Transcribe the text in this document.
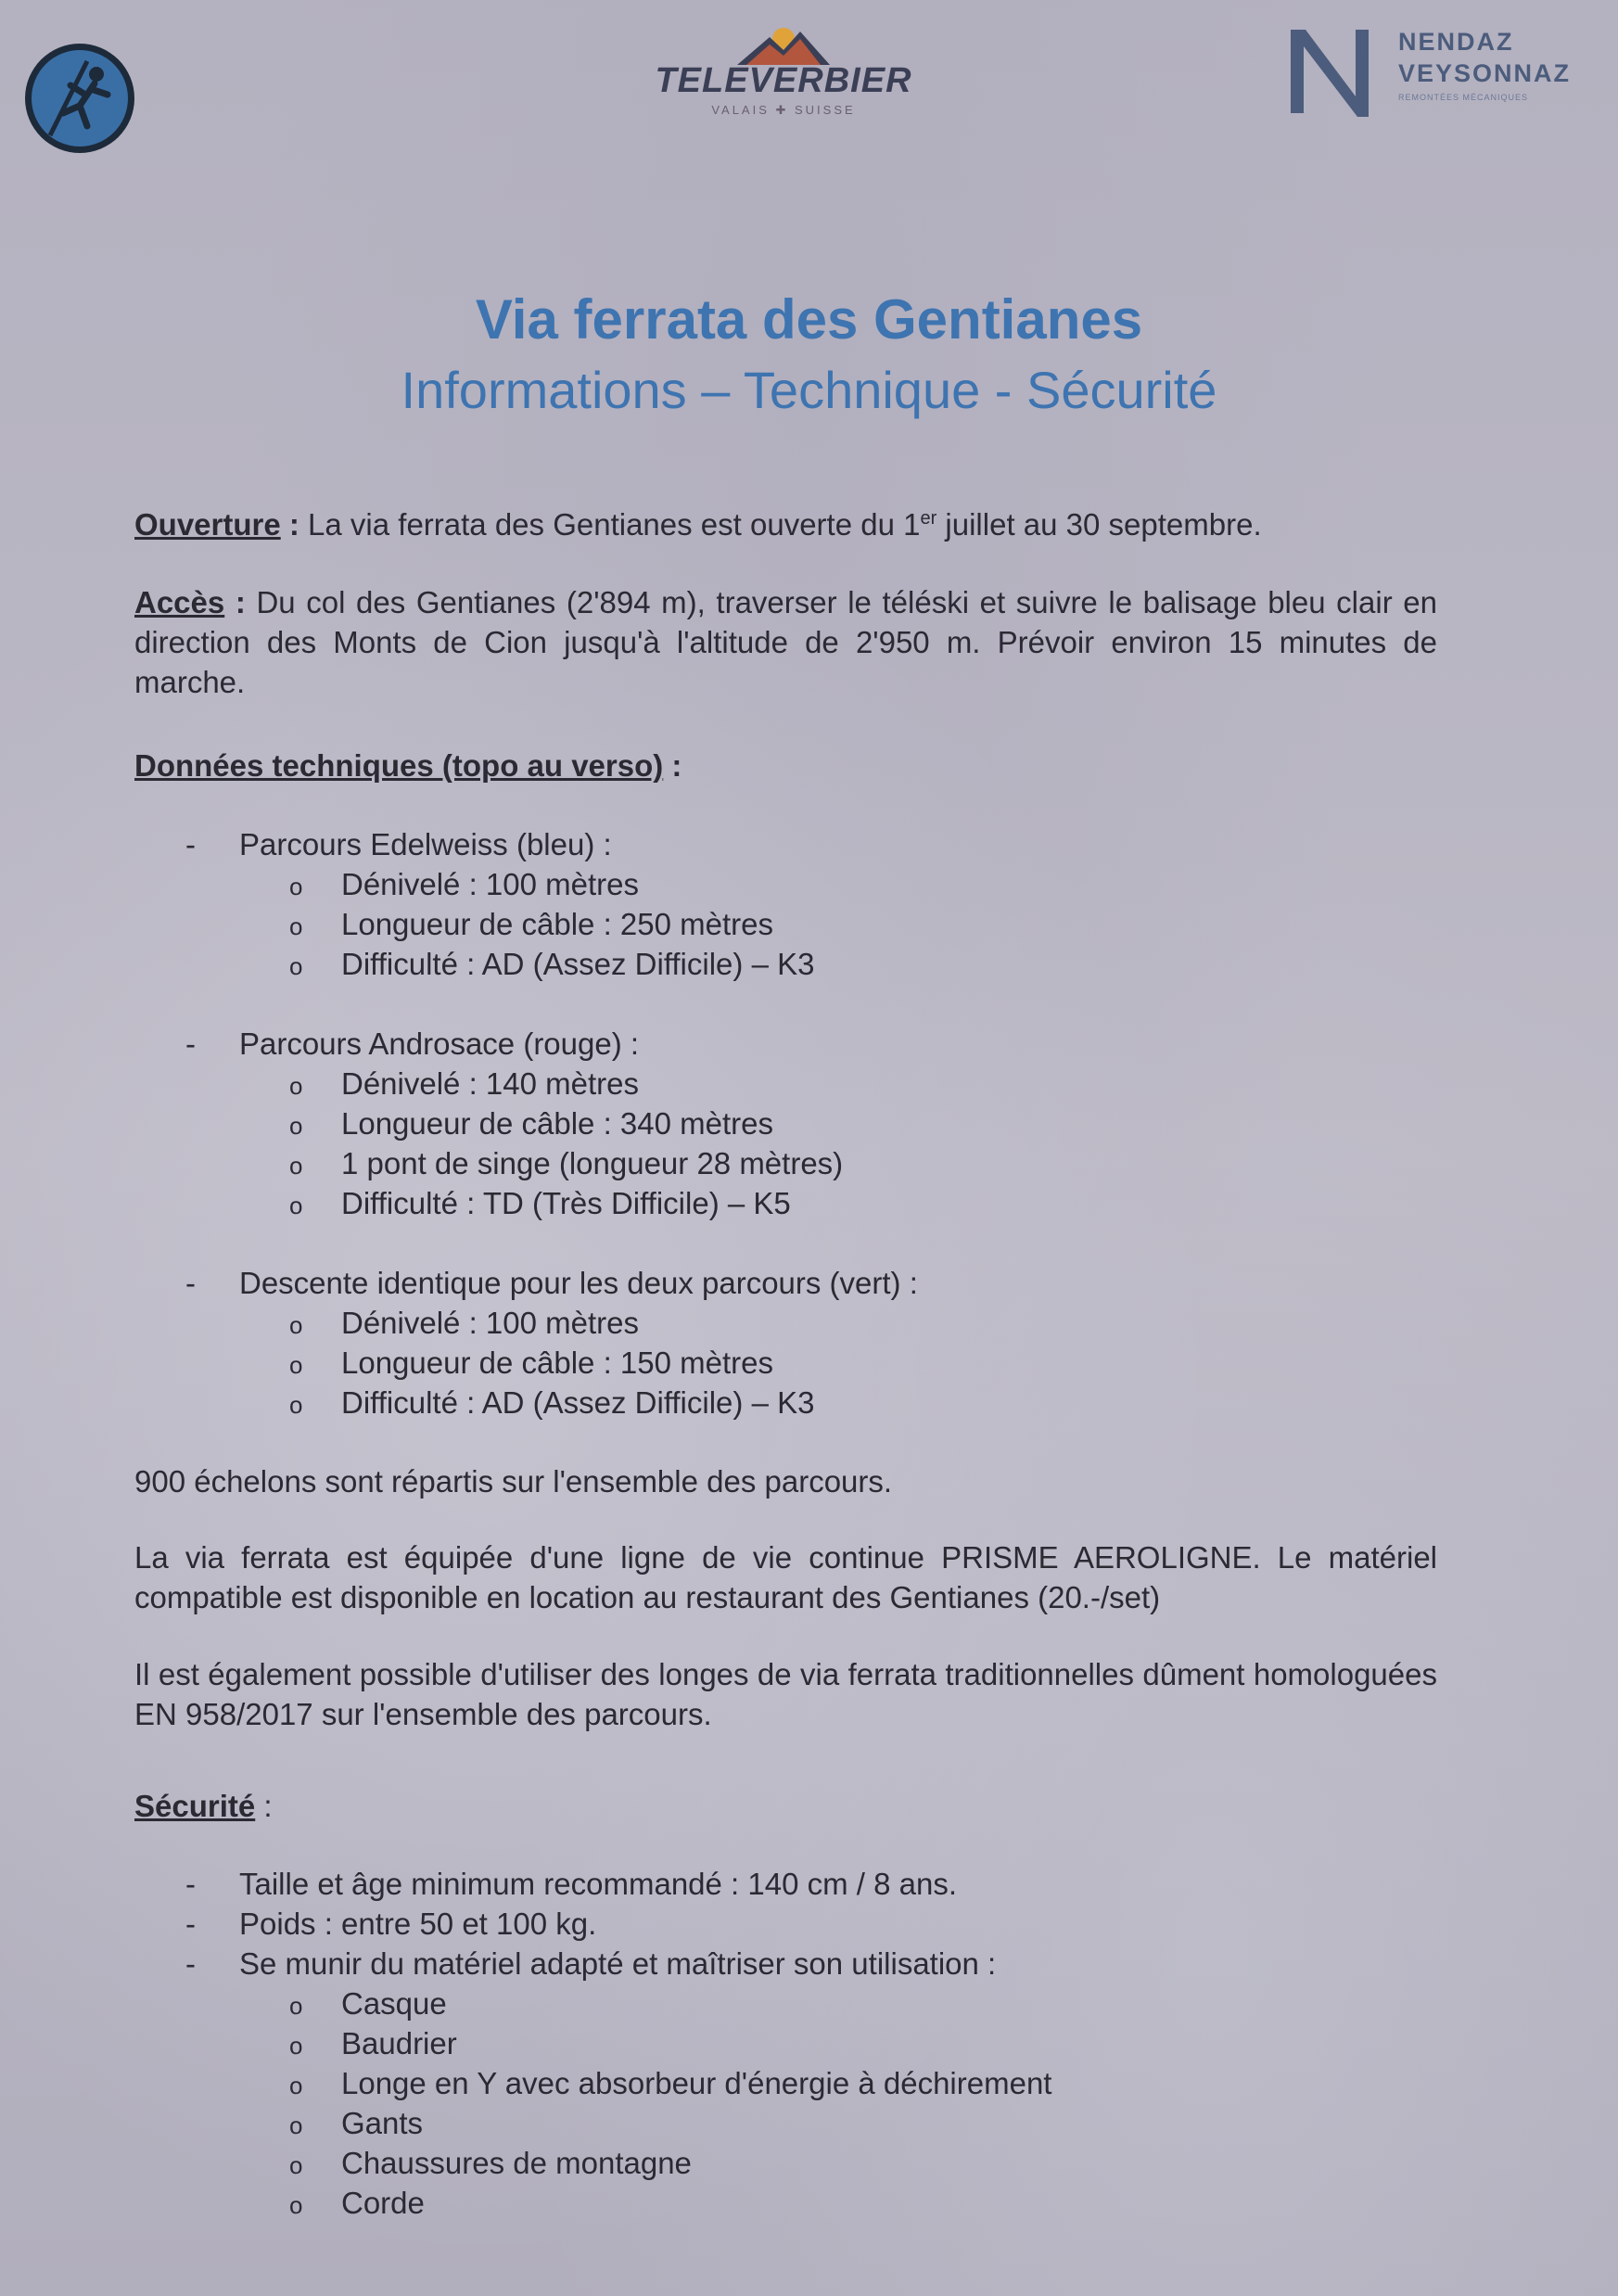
TELEVERBIER
VALAIS ✚ SUISSE
NENDAZ
VEYSONNAZ
REMONTÉES MÉCANIQUES
Via ferrata des Gentianes
Informations – Technique - Sécurité
Ouverture : La via ferrata des Gentianes est ouverte du 1er juillet au 30 septembre.
Accès : Du col des Gentianes (2'894 m), traverser le téléski et suivre le balisage bleu clair en direction des Monts de Cion jusqu'à l'altitude de 2'950 m. Prévoir environ 15 minutes de marche.
Données techniques (topo au verso) :
- Parcours Edelweiss (bleu) :
o Dénivelé : 100 mètres
o Longueur de câble : 250 mètres
o Difficulté : AD (Assez Difficile) – K3
- Parcours Androsace (rouge) :
o Dénivelé : 140 mètres
o Longueur de câble : 340 mètres
o 1 pont de singe (longueur 28 mètres)
o Difficulté : TD (Très Difficile) – K5
- Descente identique pour les deux parcours (vert) :
o Dénivelé : 100 mètres
o Longueur de câble : 150 mètres
o Difficulté : AD (Assez Difficile) – K3
900 échelons sont répartis sur l'ensemble des parcours.
La via ferrata est équipée d'une ligne de vie continue PRISME AEROLIGNE. Le matériel compatible est disponible en location au restaurant des Gentianes (20.-/set)
Il est également possible d'utiliser des longes de via ferrata traditionnelles dûment homologuées EN 958/2017 sur l'ensemble des parcours.
Sécurité :
- Taille et âge minimum recommandé : 140 cm / 8 ans.
- Poids : entre 50 et 100 kg.
- Se munir du matériel adapté et maîtriser son utilisation :
o Casque
o Baudrier
o Longe en Y avec absorbeur d'énergie à déchirement
o Gants
o Chaussures de montagne
o Corde
